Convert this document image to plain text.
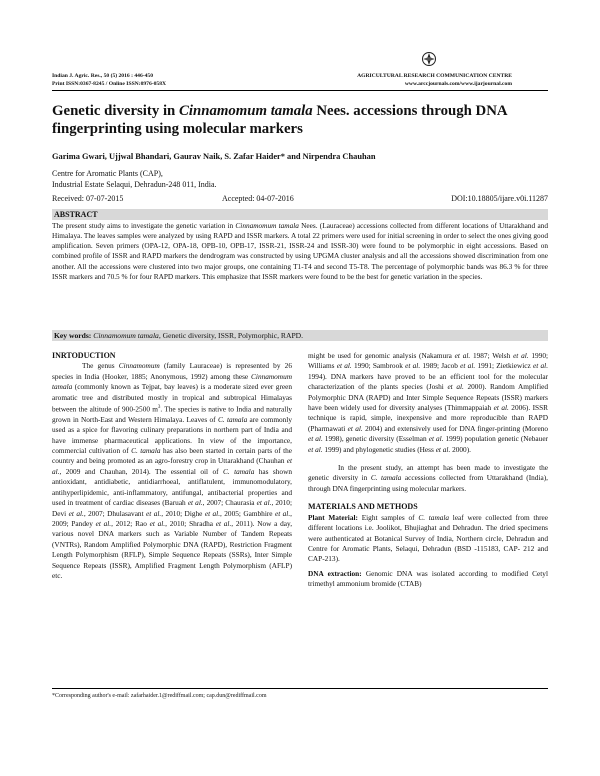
Indian J. Agric. Res., 50 (5) 2016 : 446-450
Print ISSN:0367-8245 / Online ISSN:0976-058X
AGRICULTURAL RESEARCH COMMUNICATION CENTRE
www.arccjournals.com/www.ijarjournal.com
Genetic diversity in Cinnamomum tamala Nees. accessions through DNA fingerprinting using molecular markers
Garima Gwari, Ujjwal Bhandari, Gaurav Naik, S. Zafar Haider* and Nirpendra Chauhan
Centre for Aromatic Plants (CAP),
Industrial Estate Selaqui, Dehradun-248 011, India.
Received: 07-07-2015	Accepted: 04-07-2016	DOI:10.18805/ijare.v0i.11287
ABSTRACT
The present study aims to investigate the genetic variation in Cinnamomum tamala Nees. (Lauraceae) accessions collected from different locations of Uttarakhand and Himalaya. The leaves samples were analyzed by using RAPD and ISSR markers. A total 22 primers were used for initial screening in order to select the ones giving good amplification. Seven primers (OPA-12, OPA-18, OPB-10, OPB-17, ISSR-21, ISSR-24 and ISSR-30) were found to be polymorphic in eight accessions. Based on combined profile of ISSR and RAPD markers the dendrogram was constructed by using UPGMA cluster analysis and all the accessions showed discrimination from one another. All the accessions were clustered into two major groups, one containing T1-T4 and second T5-T8. The percentage of polymorphic bands was 86.3 % for three ISSR markers and 70.5 % for four RAPD markers. This emphasize that ISSR markers were found to be the best for genetic variation in the species.
Key words: Cinnamomum tamala, Genetic diversity, ISSR, Polymorphic, RAPD.

INRTODUCTION

The genus Cinnamomum (family Lauraceae) is represented by 26 species in India (Hooker, 1885; Anonymous, 1992) among these Cinnamomum tamala (commonly known as Tejpat, bay leaves) is a moderate sized ever green aromatic tree and distributed mostly in tropical and subtropical Himalayas between the altitude of 900-2500 $m^3$. The species is native to India and naturally grown in North-East and Western Himalaya. Leaves of C. tamala are commonly used as a spice for flavoring culinary preparations in northern part of India and have immense pharmaceutical applications. In view of the importance, commercial cultivation of C. tamala has also been started in certain parts of the country and being promoted as an agro-forestry crop in Uttarakhand (Chauhan et al., 2009 and Chauhan, 2014). The essential oil of C. tamala has shown antioxidant, antidiabetic, antidiarrhoeal, antiflatulent, immunomodulatory, antihyperlipidemic, anti-inflammatory, antifungal, antibacterial properties and used in treatment of cardiac diseases (Baruah et al., 2007; Chaurasia et al., 2010; Devi et al., 2007; Dhulasavant et al., 2010; Dighe et al., 2005; Gambhire et al., 2009; Pandey et al., 2012; Rao et al., 2010; Shradha et al., 2011). Now a day, various novel DNA markers such as Variable Number of Tandem Repeats (VNTRs), Random Amplified Polymorphic DNA (RAPD), Restriction Fragment Length Polymorphism (RFLP), Simple Sequence Repeats (SSRs), Inter Simple Sequence Repeats (ISSR), Amplified Fragment Length Polymorphism (AFLP) etc.

might be used for genomic analysis (Nakamura et al. 1987; Welsh et al. 1990; Williams et al. 1990; Sambrook et al. 1989; Jacob et al. 1991; Zietkiewicz et al. 1994). DNA markers have proved to be an efficient tool for the molecular characterization of the plants species (Joshi et al. 2000). Random Amplified Polymorphic DNA (RAPD) and Inter Simple Sequence Repeats (ISSR) markers have been widely used for diversity analyses (Thimmappaiah et al. 2006). ISSR technique is rapid, simple, inexpensive and more reproducible than RAPD (Pharmawati et al. 2004) and extensively used for DNA finger-printing (Moreno et al. 1998), genetic diversity (Esselman et al. 1999) population genetic (Nebauer et al. 1999) and phylogenetic studies (Hess et al. 2000).

In the present study, an attempt has been made to investigate the genetic diversity in C. tamala accessions collected from Uttarakhand (India), through DNA fingerprinting using molecular markers.

MATERIALS AND METHODS

Plant Material: Eight samples of C. tamala leaf were collected from three different locations i.e. Joolikot, Bhujiaghat and Dehradun. The dried specimens were authenticated at Botanical Survey of India, Northern circle, Dehradun and Centre for Aromatic Plants, Selaqui, Dehradun (BSD -115183, CAP- 212 and CAP-213).

DNA extraction: Genomic DNA was isolated according to modified Cetyl trimethyl ammonium bromide (CTAB)

*Corresponding author's e-mail: zafarhaider.1@rediffmail.com; cap.dun@rediffmail.com
